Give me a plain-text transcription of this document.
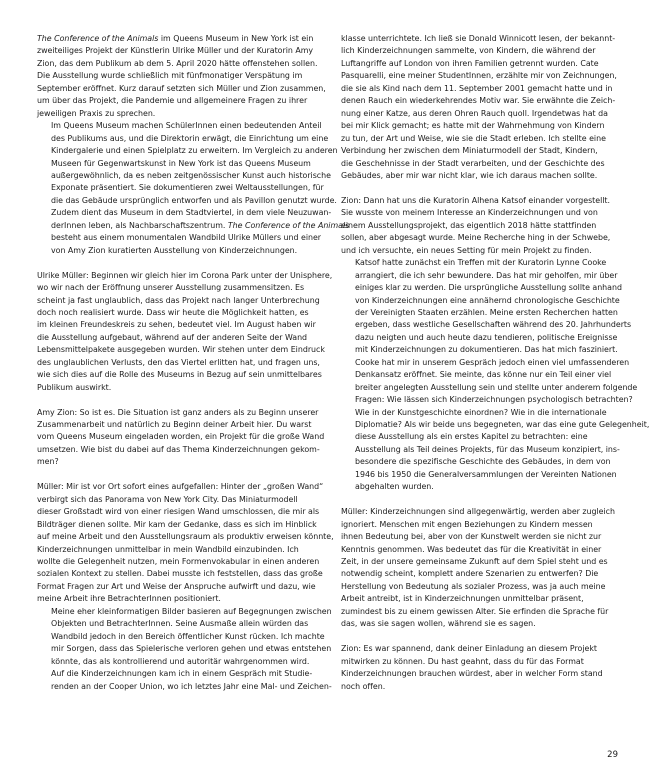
The Conference of the Animals im Queens Museum in New York ist ein
zweiteiliges Projekt der Künstlerin Ulrike Müller und der Kuratorin Amy
Zion, das dem Publikum ab dem 5. April 2020 hätte offenstehen sollen.
Die Ausstellung wurde schließlich mit fünfmonatiger Verspätung im
September eröffnet. Kurz darauf setzten sich Müller und Zion zusammen,
um über das Projekt, die Pandemie und allgemeinere Fragen zu ihrer
jeweiligen Praxis zu sprechen.
Im Queens Museum machen SchülerInnen einen bedeutenden Anteil
des Publikums aus, und die Direktorin erwägt, die Einrichtung um eine
Kindergalerie und einen Spielplatz zu erweitern. Im Vergleich zu anderen
Museen für Gegenwartskunst in New York ist das Queens Museum
außergewöhnlich, da es neben zeitgenössischer Kunst auch historische
Exponate präsentiert. Sie dokumentieren zwei Weltausstellungen, für
die das Gebäude ursprünglich entworfen und als Pavillon genutzt wurde.
Zudem dient das Museum in dem Stadtviertel, in dem viele Neuzuwan-
derInnen leben, als Nachbarschaftszentrum. The Conference of the Animals
besteht aus einem monumentalen Wandbild Ulrike Müllers und einer
von Amy Zion kuratierten Ausstellung von Kinderzeichnungen.
Ulrike Müller: Beginnen wir gleich hier im Corona Park unter der Unisphere,
wo wir nach der Eröffnung unserer Ausstellung zusammensitzen. Es
scheint ja fast unglaublich, dass das Projekt nach langer Unterbrechung
doch noch realisiert wurde. Dass wir heute die Möglichkeit hatten, es
im kleinen Freundeskreis zu sehen, bedeutet viel. Im August haben wir
die Ausstellung aufgebaut, während auf der anderen Seite der Wand
Lebensmittelpakete ausgegeben wurden. Wir stehen unter dem Eindruck
des unglaublichen Verlusts, den das Viertel erlitten hat, und fragen uns,
wie sich dies auf die Rolle des Museums in Bezug auf sein unmittelbares
Publikum auswirkt.
Amy Zion: So ist es. Die Situation ist ganz anders als zu Beginn unserer
Zusammenarbeit und natürlich zu Beginn deiner Arbeit hier. Du warst
vom Queens Museum eingeladen worden, ein Projekt für die große Wand
umsetzen. Wie bist du dabei auf das Thema Kinderzeichnungen gekom-
men?
Müller: Mir ist vor Ort sofort eines aufgefallen: Hinter der „großen Wand“
verbirgt sich das Panorama von New York City. Das Miniaturmodell
dieser Großstadt wird von einer riesigen Wand umschlossen, die mir als
Bildträger dienen sollte. Mir kam der Gedanke, dass es sich im Hinblick
auf meine Arbeit und den Ausstellungsraum als produktiv erweisen könnte,
Kinderzeichnungen unmittelbar in mein Wandbild einzubinden. Ich
wollte die Gelegenheit nutzen, mein Formenvokabular in einen anderen
sozialen Kontext zu stellen. Dabei musste ich feststellen, dass das große
Format Fragen zur Art und Weise der Anspruche aufwirft und dazu, wie
meine Arbeit ihre BetrachterInnen positioniert.
Meine eher kleinformatigen Bilder basieren auf Begegnungen zwischen
Objekten und BetrachterInnen. Seine Ausmaße allein würden das
Wandbild jedoch in den Bereich öffentlicher Kunst rücken. Ich machte
mir Sorgen, dass das Spielerische verloren gehen und etwas entstehen
könnte, das als kontrollierend und autoritär wahrgenommen wird.
Auf die Kinderzeichnungen kam ich in einem Gespräch mit Studie-
renden an der Cooper Union, wo ich letztes Jahr eine Mal- und Zeichen-
klasse unterrichtete. Ich ließ sie Donald Winnicott lesen, der bekannt-
lich Kinderzeichnungen sammelte, von Kindern, die während der
Luftangriffe auf London von ihren Familien getrennt wurden. Cate
Pasquarelli, eine meiner StudentInnen, erzählte mir von Zeichnungen,
die sie als Kind nach dem 11. September 2001 gemacht hatte und in
denen Rauch ein wiederkehrendes Motiv war. Sie erwähnte die Zeich-
nung einer Katze, aus deren Ohren Rauch quoll. Irgendetwas hat da
bei mir Klick gemacht; es hatte mit der Wahrnehmung von Kindern
zu tun, der Art und Weise, wie sie die Stadt erleben. Ich stellte eine
Verbindung her zwischen dem Miniaturmodell der Stadt, Kindern,
die Geschehnisse in der Stadt verarbeiten, und der Geschichte des
Gebäudes, aber mir war nicht klar, wie ich daraus machen sollte.
Zion: Dann hat uns die Kuratorin Alhena Katsof einander vorgestellt.
Sie wusste von meinem Interesse an Kinderzeichnungen und von
einem Ausstellungsprojekt, das eigentlich 2018 hätte stattfinden
sollen, aber abgesagt wurde. Meine Recherche hing in der Schwebe,
und ich versuchte, ein neues Setting für mein Projekt zu finden.
Katsof hatte zunächst ein Treffen mit der Kuratorin Lynne Cooke
arrangiert, die ich sehr bewundere. Das hat mir geholfen, mir über
einiges klar zu werden. Die ursprüngliche Ausstellung sollte anhand
von Kinderzeichnungen eine annähernd chronologische Geschichte
der Vereinigten Staaten erzählen. Meine ersten Recherchen hatten
ergeben, dass westliche Gesellschaften während des 20. Jahrhunderts
dazu neigten und auch heute dazu tendieren, politische Ereignisse
mit Kinderzeichnungen zu dokumentieren. Das hat mich fasziniert.
Cooke hat mir in unserem Gespräch jedoch einen viel umfassenderen
Denkansatz eröffnet. Sie meinte, das könne nur ein Teil einer viel
breiter angelegten Ausstellung sein und stellte unter anderem folgende
Fragen: Wie lässen sich Kinderzeichnungen psychologisch betrachten?
Wie in der Kunstgeschichte einordnen? Wie in die internationale
Diplomatie? Als wir beide uns begegneten, war das eine gute Gelegenheit,
diese Ausstellung als ein erstes Kapitel zu betrachten: eine
Ausstellung als Teil deines Projekts, für das Museum konzipiert, ins-
besondere die spezifische Geschichte des Gebäudes, in dem von
1946 bis 1950 die Generalversammlungen der Vereinten Nationen
abgehalten wurden.
Müller: Kinderzeichnungen sind allgegenwärtig, werden aber zugleich
ignoriert. Menschen mit engen Beziehungen zu Kindern messen
ihnen Bedeutung bei, aber von der Kunstwelt werden sie nicht zur
Kenntnis genommen. Was bedeutet das für die Kreativität in einer
Zeit, in der unsere gemeinsame Zukunft auf dem Spiel steht und es
notwendig scheint, komplett andere Szenarien zu entwerfen? Die
Herstellung von Bedeutung als sozialer Prozess, was ja auch meine
Arbeit antreibt, ist in Kinderzeichnungen unmittelbar präsent,
zumindest bis zu einem gewissen Alter. Sie erfinden die Sprache für
das, was sie sagen wollen, während sie es sagen.
Zion: Es war spannend, dank deiner Einladung an diesem Projekt
mitwirken zu können. Du hast geahnt, dass du für das Format
Kinderzeichnungen brauchen würdest, aber in welcher Form stand
noch offen.
29
